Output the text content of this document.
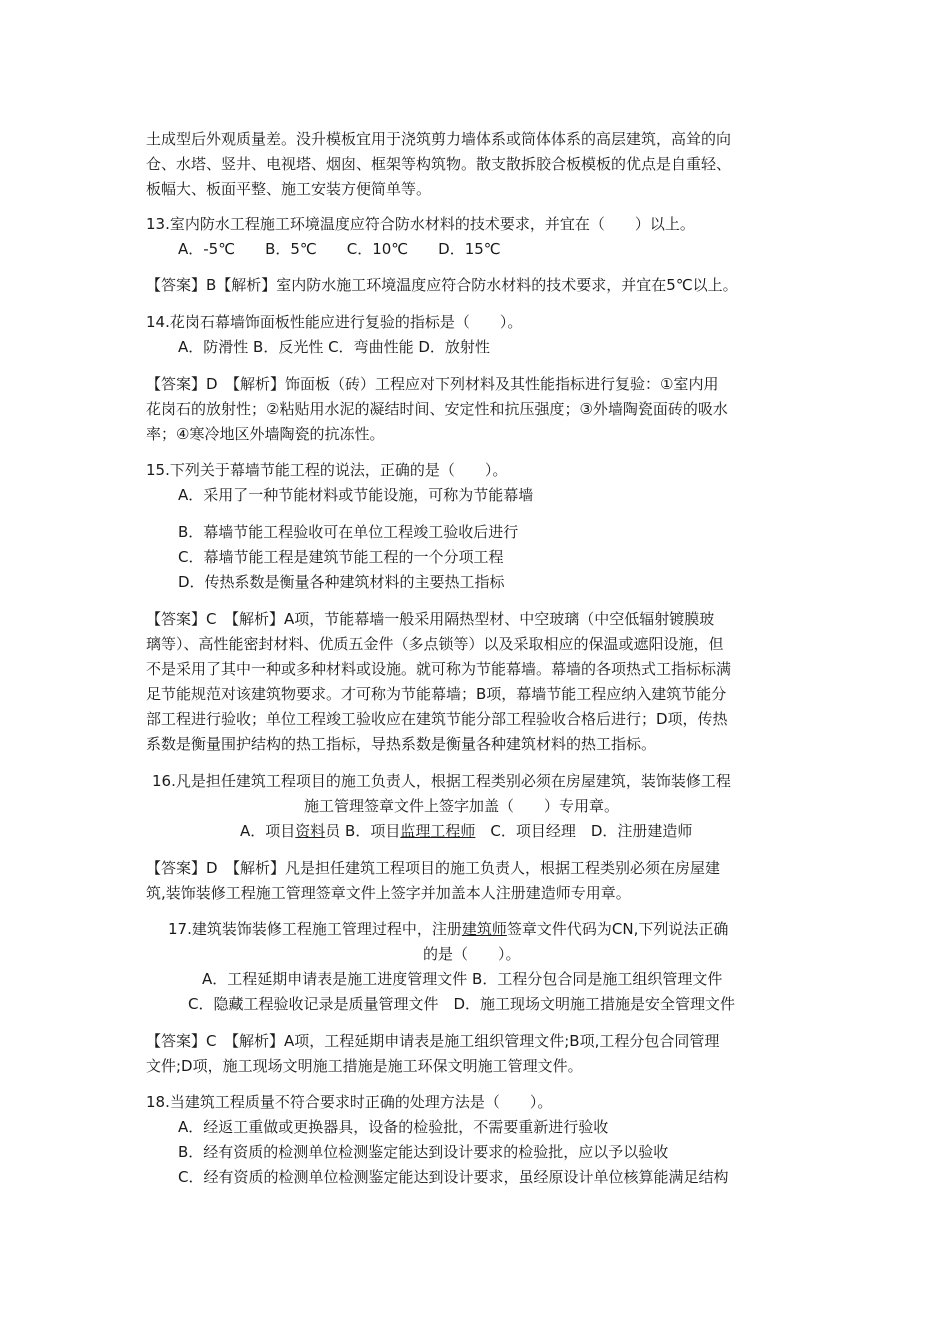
土成型后外观质量差。没升模板宜用于浇筑剪力墙体系或筒体体系的高层建筑，高耸的向
仓、水塔、竖井、电视塔、烟囱、框架等构筑物。散支散拆胶合板模板的优点是自重轻、
板幅大、板面平整、施工安装方便简单等。
13.室内防水工程施工环境温度应符合防水材料的技术要求，并宜在（　　）以上。
A．-5℃　　B．5℃　　C．10℃　　D．15℃
【答案】B【解析】室内防水施工环境温度应符合防水材料的技术要求，并宜在5℃以上。
14.花岗石幕墙饰面板性能应进行复验的指标是（　　）。
A．防滑性 B．反光性 C．弯曲性能 D．放射性
【答案】D　【解析】饰面板（砖）工程应对下列材料及其性能指标进行复验：①室内用
花岗石的放射性；②粘贴用水泥的凝结时间、安定性和抗压强度；③外墙陶瓷面砖的吸水
率；④寒冷地区外墙陶瓷的抗冻性。
15.下列关于幕墙节能工程的说法，正确的是（　　）。
A．采用了一种节能材料或节能设施，可称为节能幕墙
B．幕墙节能工程验收可在单位工程竣工验收后进行
C．幕墙节能工程是建筑节能工程的一个分项工程
D．传热系数是衡量各种建筑材料的主要热工指标
【答案】C　【解析】A项，节能幕墙一般采用隔热型材、中空玻璃（中空低辐射镀膜玻
璃等）、高性能密封材料、优质五金件（多点锁等）以及采取相应的保温或遮阳设施，但
不是采用了其中一种或多种材料或设施。就可称为节能幕墙。幕墙的各项热式工指标标满
足节能规范对该建筑物要求。才可称为节能幕墙；B项，幕墙节能工程应纳入建筑节能分
部工程进行验收；单位工程竣工验收应在建筑节能分部工程验收合格后进行；D项，传热
系数是衡量围护结构的热工指标，导热系数是衡量各种建筑材料的热工指标。
16.凡是担任建筑工程项目的施工负责人，根据工程类别必须在房屋建筑，装饰装修工程
施工管理签章文件上签字加盖（　　）专用章。
A．项目资料员 B．项目监理工程师　C．项目经理　D．注册建造师
【答案】D　【解析】凡是担任建筑工程项目的施工负责人，根据工程类别必须在房屋建
筑,装饰装修工程施工管理签章文件上签字并加盖本人注册建造师专用章。
17.建筑装饰装修工程施工管理过程中，注册建筑师签章文件代码为CN,下列说法正确
的是（　　）。
A．工程延期申请表是施工进度管理文件 B．工程分包合同是施工组织管理文件
C．隐藏工程验收记录是质量管理文件　D．施工现场文明施工措施是安全管理文件
【答案】C　【解析】A项，工程延期申请表是施工组织管理文件;B项,工程分包合同管理
文件;D项，施工现场文明施工措施是施工环保文明施工管理文件。
18.当建筑工程质量不符合要求时正确的处理方法是（　　）。
A．经返工重做或更换器具，设备的检验批，不需要重新进行验收
B．经有资质的检测单位检测鉴定能达到设计要求的检验批，应以予以验收
C．经有资质的检测单位检测鉴定能达到设计要求，虽经原设计单位核算能满足结构
